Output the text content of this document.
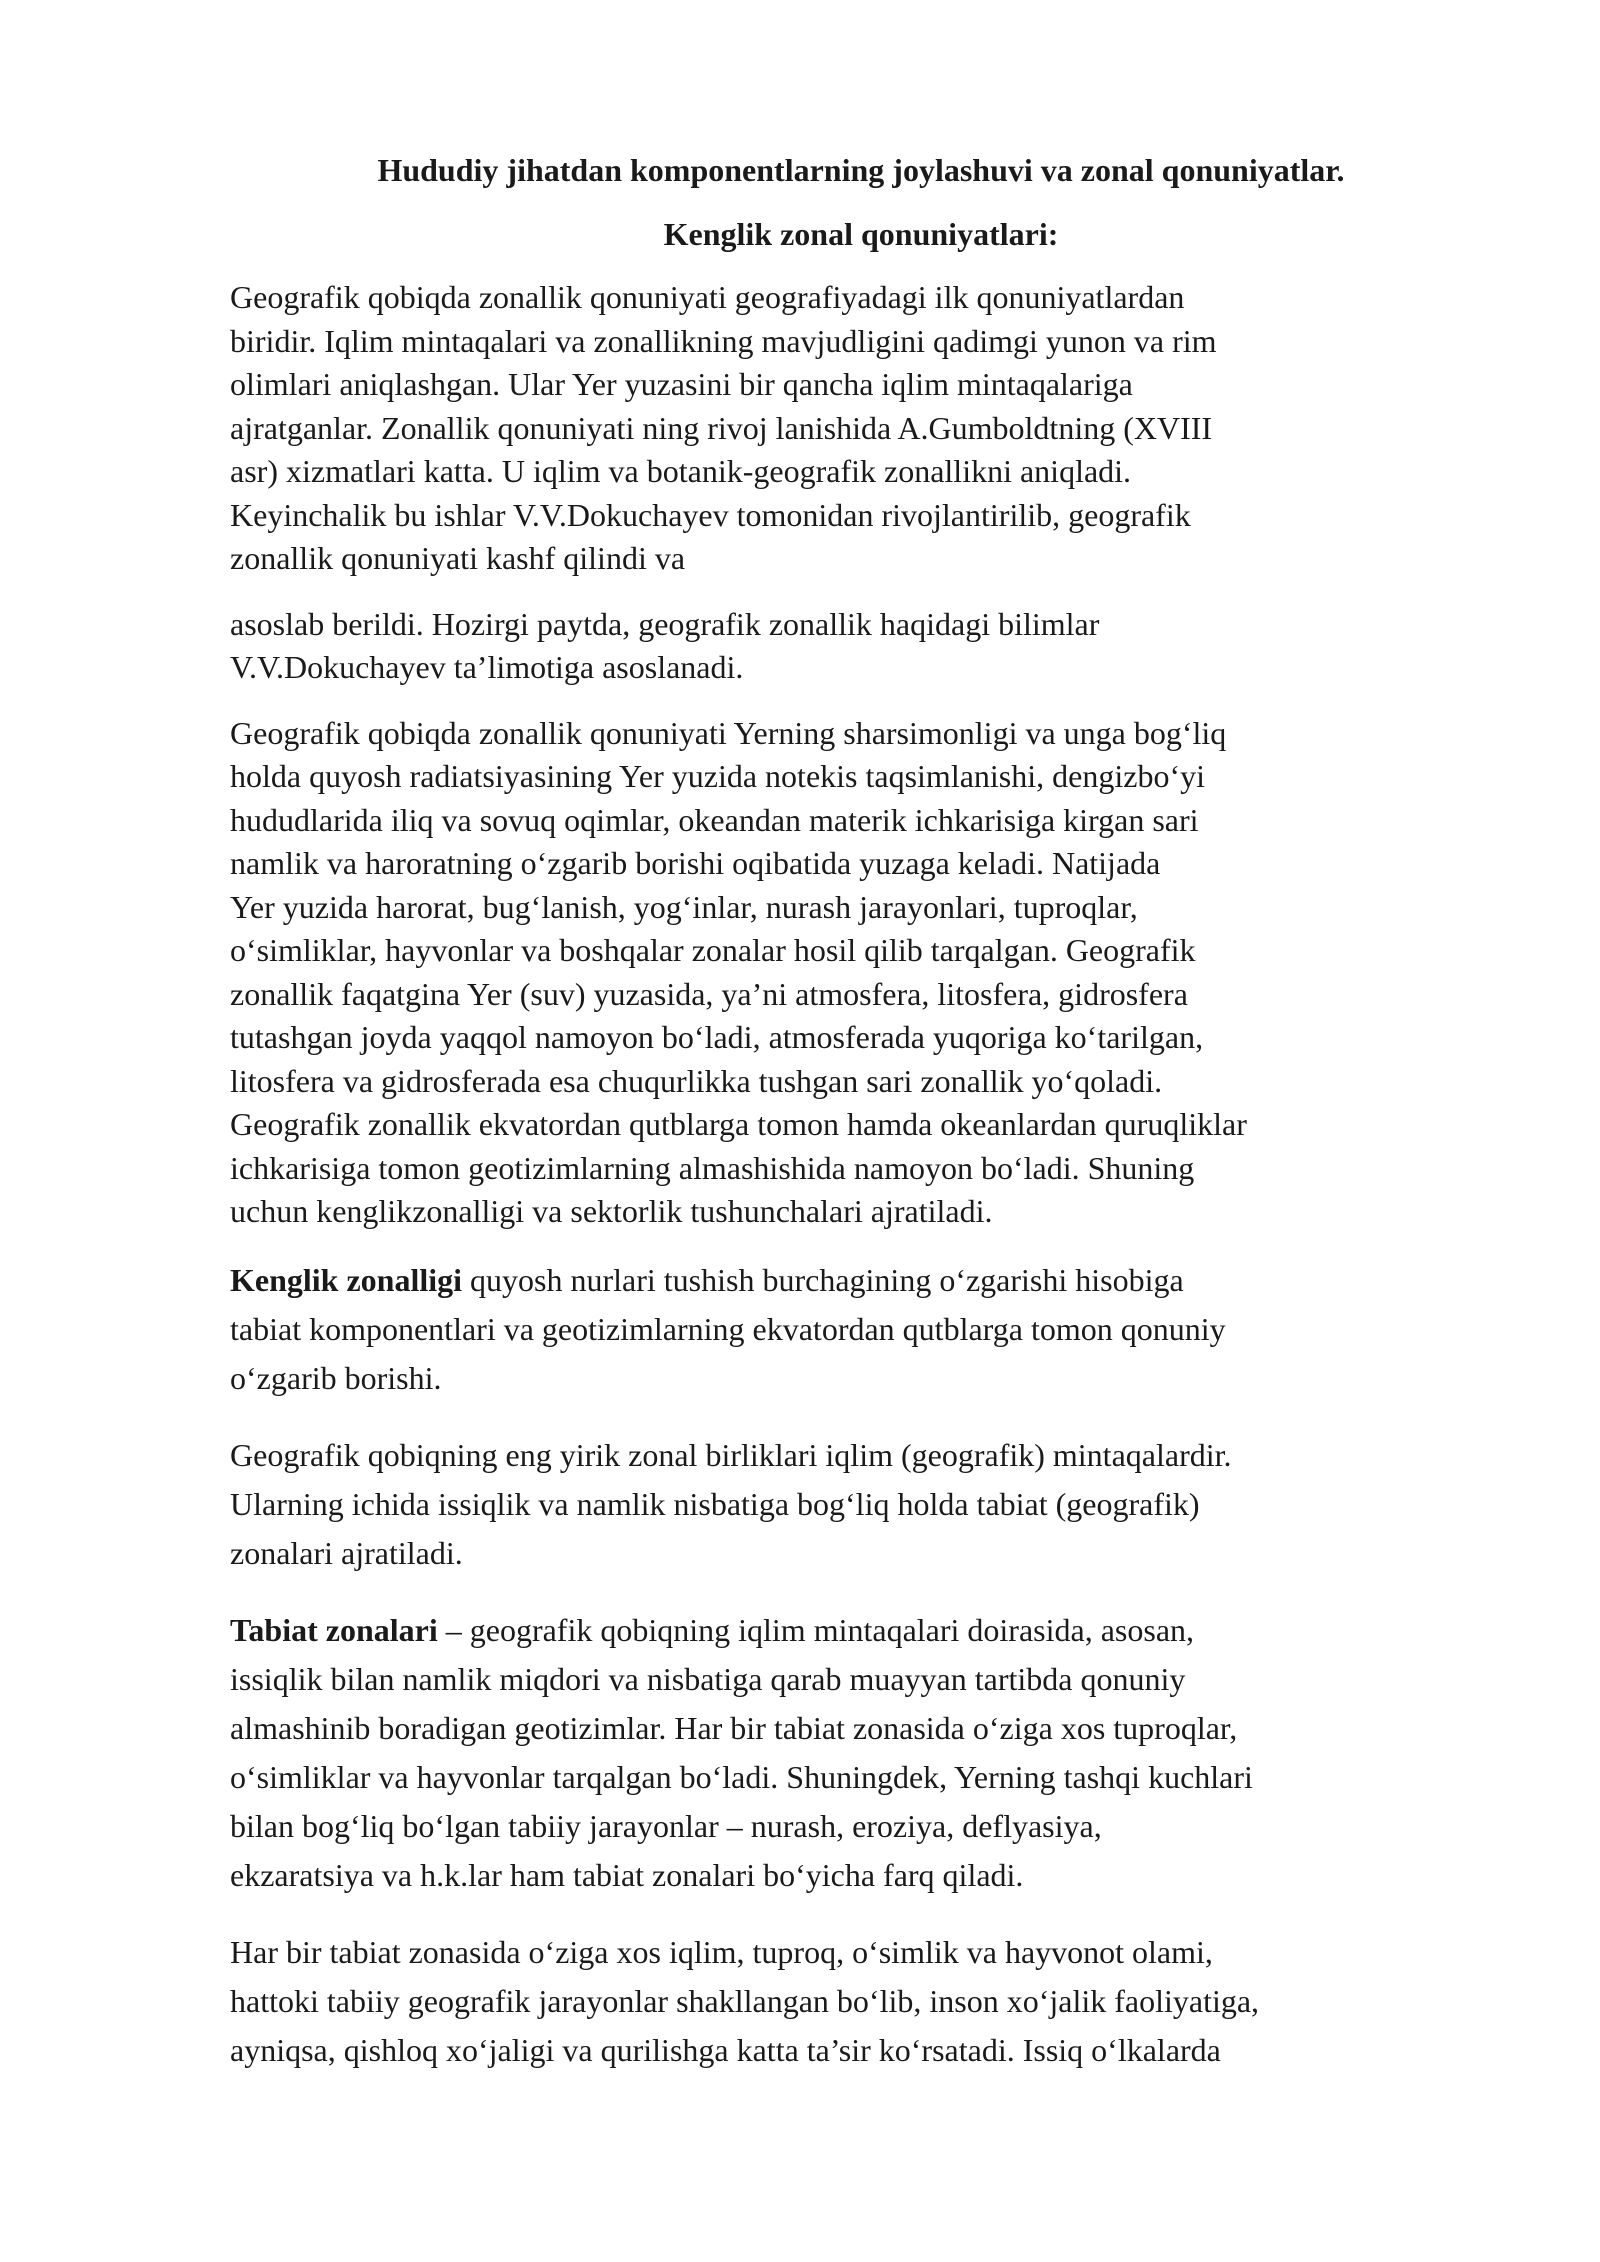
Hududiy jihatdan komponentlarning joylashuvi va zonal qonuniyatlar.
Kenglik zonal qonuniyatlari:

Geografik qobiqda zonallik qonuniyati geografiyadagi ilk qonuniyatlardan
biridir. Iqlim mintaqalari va zonallikning mavjudligini qadimgi yunon va rim
olimlari aniqlashgan. Ular Yer yuzasini bir qancha iqlim mintaqalariga
ajratganlar. Zonallik qonuniyati ning rivoj lanishida A.Gumboldtning (XVIII
asr) xizmatlari katta. U iqlim va botanik-geografik zonallikni aniqladi.
Keyinchalik bu ishlar V.V.Dokuchayev tomonidan rivojlantirilib, geografik
zonallik qonuniyati kashf qilindi va

asoslab berildi. Hozirgi paytda, geografik zonallik haqidagi bilimlar
V.V.Dokuchayev ta’limotiga asoslanadi.

Geografik qobiqda zonallik qonuniyati Yerning sharsimonligi va unga bog‘liq
holda quyosh radiatsiyasining Yer yuzida notekis taqsimlanishi, dengizbo‘yi
hududlarida iliq va sovuq oqimlar, okeandan materik ichkarisiga kirgan sari
namlik va haroratning o‘zgarib borishi oqibatida yuzaga keladi. Natijada
Yer yuzida harorat, bug‘lanish, yog‘inlar, nurash jarayonlari, tuproqlar,
o‘simliklar, hayvonlar va boshqalar zonalar hosil qilib tarqalgan. Geografik
zonallik faqatgina Yer (suv) yuzasida, ya’ni atmosfera, litosfera, gidrosfera
tutashgan joyda yaqqol namoyon bo‘ladi, atmosferada yuqoriga ko‘tarilgan,
litosfera va gidrosferada esa chuqurlikka tushgan sari zonallik yo‘qoladi.
Geografik zonallik ekvatordan qutblarga tomon hamda okeanlardan quruqliklar
ichkarisiga tomon geotizimlarning almashishida namoyon bo‘ladi. Shuning
uchun kenglikzonalligi va sektorlik tushunchalari ajratiladi.

Kenglik zonalligi quyosh nurlari tushish burchagining o‘zgarishi hisobiga
tabiat komponentlari va geotizimlarning ekvatordan qutblarga tomon qonuniy
o‘zgarib borishi.

Geografik qobiqning eng yirik zonal birliklari iqlim (geografik) mintaqalardir.
Ularning ichida issiqlik va namlik nisbatiga bog‘liq holda tabiat (geografik)
zonalari ajratiladi.

Tabiat zonalari – geografik qobiqning iqlim mintaqalari doirasida, asosan,
issiqlik bilan namlik miqdori va nisbatiga qarab muayyan tartibda qonuniy
almashinib boradigan geotizimlar. Har bir tabiat zonasida o‘ziga xos tuproqlar,
o‘simliklar va hayvonlar tarqalgan bo‘ladi. Shuningdek, Yerning tashqi kuchlari
bilan bog‘liq bo‘lgan tabiiy jarayonlar – nurash, eroziya, deflyasiya,
ekzaratsiya va h.k.lar ham tabiat zonalari bo‘yicha farq qiladi.

Har bir tabiat zonasida o‘ziga xos iqlim, tuproq, o‘simlik va hayvonot olami,
hattoki tabiiy geografik jarayonlar shakllangan bo‘lib, inson xo‘jalik faoliyatiga,
ayniqsa, qishloq xo‘jaligi va qurilishga katta ta’sir ko‘rsatadi. Issiq o‘lkalarda
